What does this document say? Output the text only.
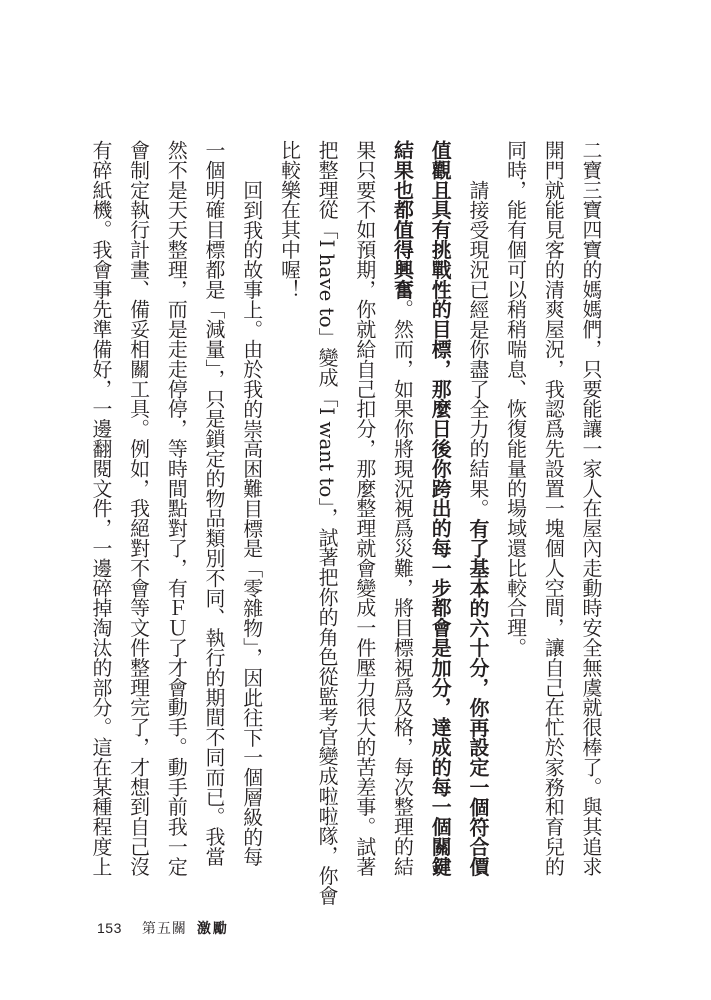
二寶三寶四寶的媽媽們，只要能讓一家人在屋內走動時安全無虞就很棒了。與其追求
開門就能見客的清爽屋況，我認爲先設置一塊個人空間，讓自己在忙於家務和育兒的
同時，能有個可以稍稍喘息、恢復能量的場域還比較合理。
請接受現況已經是你盡了全力的結果。有了基本的六十分，你再設定一個符合價
值觀且具有挑戰性的目標，那麼日後你跨出的每一步都會是加分，達成的每一個關鍵
結果也都值得興奮。然而，如果你將現況視爲災難，將目標視爲及格，每次整理的結
果只要不如預期，你就給自己扣分，那麼整理就會變成一件壓力很大的苦差事。試著
把整理從「I have to」變成「I want to」，試著把你的角色從監考官變成啦啦隊，你會
比較樂在其中喔！
回到我的故事上。由於我的崇高困難目標是「零雜物」，因此往下一個層級的每
一個明確目標都是「減量」，只是鎖定的物品類別不同、執行的期間不同而已。我當
然不是天天整理，而是走走停停，等時間點對了，有ＦＵ了才會動手。動手前我一定
會制定執行計畫、備妥相關工具。例如，我絕對不會等文件整理完了，才想到自己沒
有碎紙機。我會事先準備好，一邊翻閱文件，一邊碎掉淘汰的部分。這在某種程度上
153 第五關 激勵
